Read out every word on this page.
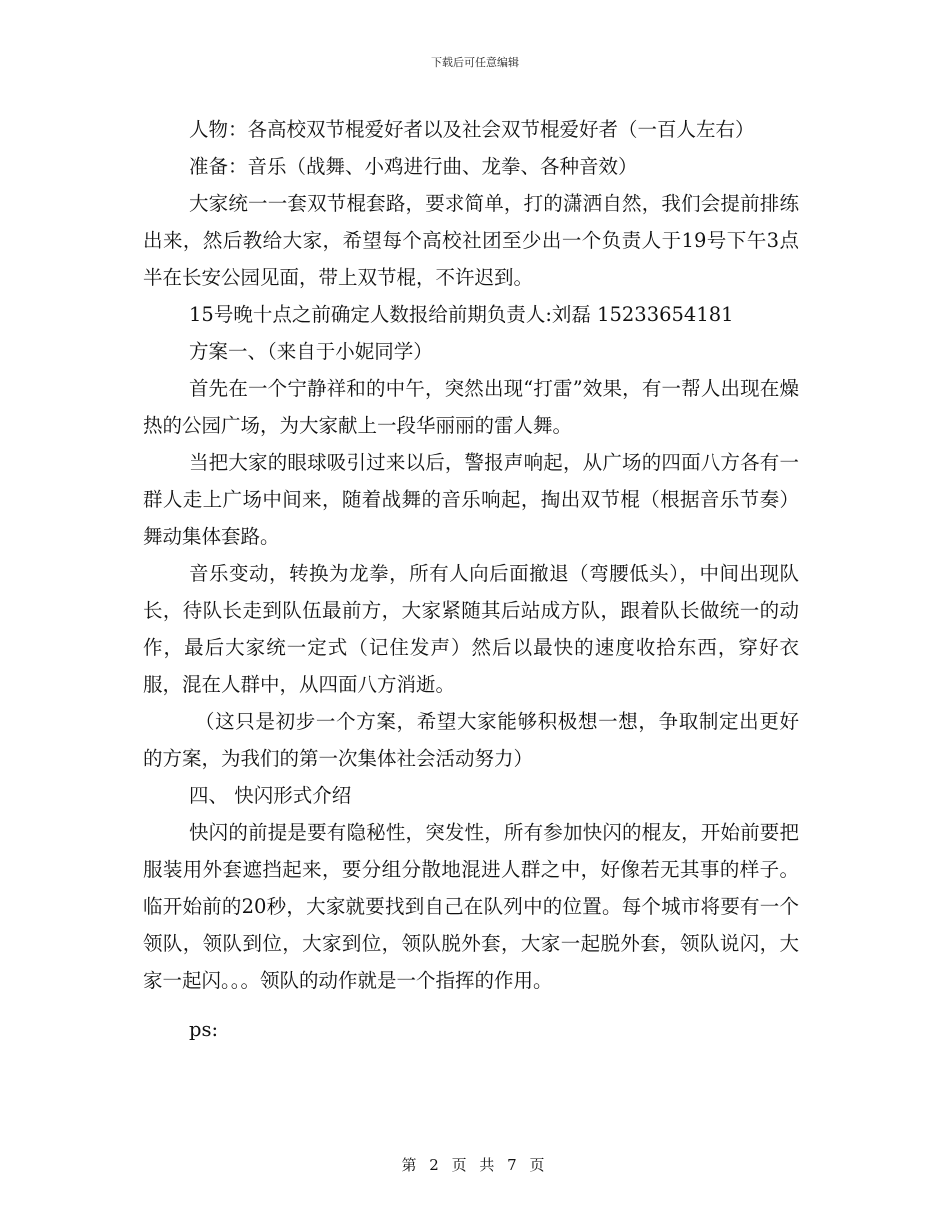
下载后可任意编辑

人物：各高校双节棍爱好者以及社会双节棍爱好者（一百人左右）

准备：音乐（战舞、小鸡进行曲、龙拳、各种音效）

大家统一一套双节棍套路，要求简单，打的潇洒自然，我们会提前排练出来，然后教给大家，希望每个高校社团至少出一个负责人于19号下午3点半在长安公园见面，带上双节棍，不许迟到。

15号晚十点之前确定人数报给前期负责人:刘磊 15233654181

方案一、（来自于小妮同学）

首先在一个宁静祥和的中午，突然出现“打雷”效果，有一帮人出现在燥热的公园广场，为大家献上一段华丽丽的雷人舞。

当把大家的眼球吸引过来以后，警报声响起，从广场的四面八方各有一群人走上广场中间来，随着战舞的音乐响起，掏出双节棍（根据音乐节奏）舞动集体套路。

音乐变动，转换为龙拳，所有人向后面撤退（弯腰低头），中间出现队长，待队长走到队伍最前方，大家紧随其后站成方队，跟着队长做统一的动作，最后大家统一定式（记住发声）然后以最快的速度收拾东西，穿好衣服，混在人群中，从四面八方消逝。

（这只是初步一个方案，希望大家能够积极想一想，争取制定出更好的方案，为我们的第一次集体社会活动努力）

四、 快闪形式介绍

快闪的前提是要有隐秘性，突发性，所有参加快闪的棍友，开始前要把服装用外套遮挡起来，要分组分散地混进人群之中，好像若无其事的样子。临开始前的20秒，大家就要找到自己在队列中的位置。每个城市将要有一个领队，领队到位，大家到位，领队脱外套，大家一起脱外套，领队说闪，大家一起闪。。。领队的动作就是一个指挥的作用。

ps:

第 2 页 共 7 页
